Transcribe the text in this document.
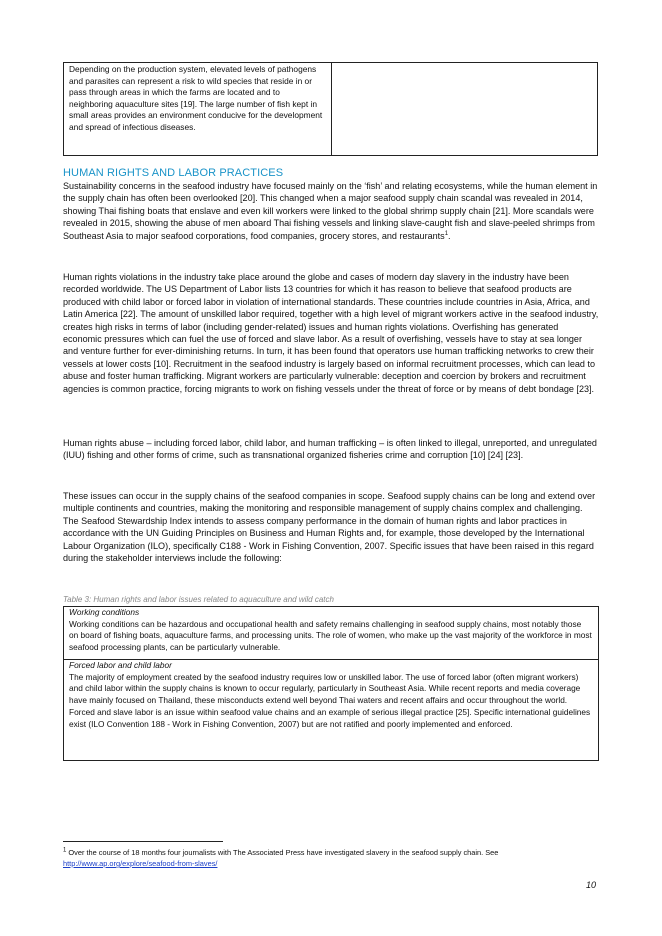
Depending on the production system, elevated levels of pathogens and parasites can represent a risk to wild species that reside in or pass through areas in which the farms are located and to neighboring aquaculture sites [19]. The large number of fish kept in small areas provides an environment conducive for the development and spread of infectious diseases.
HUMAN RIGHTS AND LABOR PRACTICES

Sustainability concerns in the seafood industry have focused mainly on the ‘fish’ and relating ecosystems, while the human element in the supply chain has often been overlooked [20]. This changed when a major seafood supply chain scandal was revealed in 2014, showing Thai fishing boats that enslave and even kill workers were linked to the global shrimp supply chain [21]. More scandals were revealed in 2015, showing the abuse of men aboard Thai fishing vessels and linking slave-caught fish and slave-peeled shrimps from Southeast Asia to major seafood corporations, food companies, grocery stores, and restaurants$^1$.

Human rights violations in the industry take place around the globe and cases of modern day slavery in the industry have been recorded worldwide. The US Department of Labor lists 13 countries for which it has reason to believe that seafood products are produced with child labor or forced labor in violation of international standards. These countries include countries in Asia, Africa, and Latin America [22]. The amount of unskilled labor required, together with a high level of migrant workers active in the seafood industry, creates high risks in terms of labor (including gender-related) issues and human rights violations. Overfishing has generated economic pressures which can fuel the use of forced and slave labor. As a result of overfishing, vessels have to stay at sea longer and venture further for ever-diminishing returns. In turn, it has been found that operators use human trafficking networks to crew their vessels at lower costs [10]. Recruitment in the seafood industry is largely based on informal recruitment processes, which can lead to abuse and foster human trafficking. Migrant workers are particularly vulnerable: deception and coercion by brokers and recruitment agencies is common practice, forcing migrants to work on fishing vessels under the threat of force or by means of debt bondage [23].
Human rights abuse – including forced labor, child labor, and human trafficking – is often linked to illegal, unreported, and unregulated (IUU) fishing and other forms of crime, such as transnational organized fisheries crime and corruption [10] [24] [23].
These issues can occur in the supply chains of the seafood companies in scope. Seafood supply chains can be long and extend over multiple continents and countries, making the monitoring and responsible management of supply chains complex and challenging. The Seafood Stewardship Index intends to assess company performance in the domain of human rights and labor practices in accordance with the UN Guiding Principles on Business and Human Rights and, for example, those developed by the International Labour Organization (ILO), specifically C188 - Work in Fishing Convention, 2007. Specific issues that have been raised in this regard during the stakeholder interviews include the following:
Table 3: Human rights and labor issues related to aquaculture and wild catch
Working conditions
Working conditions can be hazardous and occupational health and safety remains challenging in seafood supply chains, most notably those on board of fishing boats, aquaculture farms, and processing units. The role of women, who make up the vast majority of the workforce in most seafood processing plants, can be particularly vulnerable.
Forced labor and child labor
The majority of employment created by the seafood industry requires low or unskilled labor. The use of forced labor (often migrant workers) and child labor within the supply chains is known to occur regularly, particularly in Southeast Asia. While recent reports and media coverage have mainly focused on Thailand, these misconducts extend well beyond Thai waters and recent affairs and occur throughout the world. Forced and slave labor is an issue within seafood value chains and an example of serious illegal practice [25]. Specific international guidelines exist (ILO Convention 188 - Work in Fishing Convention, 2007) but are not ratified and poorly implemented and enforced.
$^1$ Over the course of 18 months four journalists with The Associated Press have investigated slavery in the seafood supply chain. See http://www.ap.org/explore/seafood-from-slaves/
10
